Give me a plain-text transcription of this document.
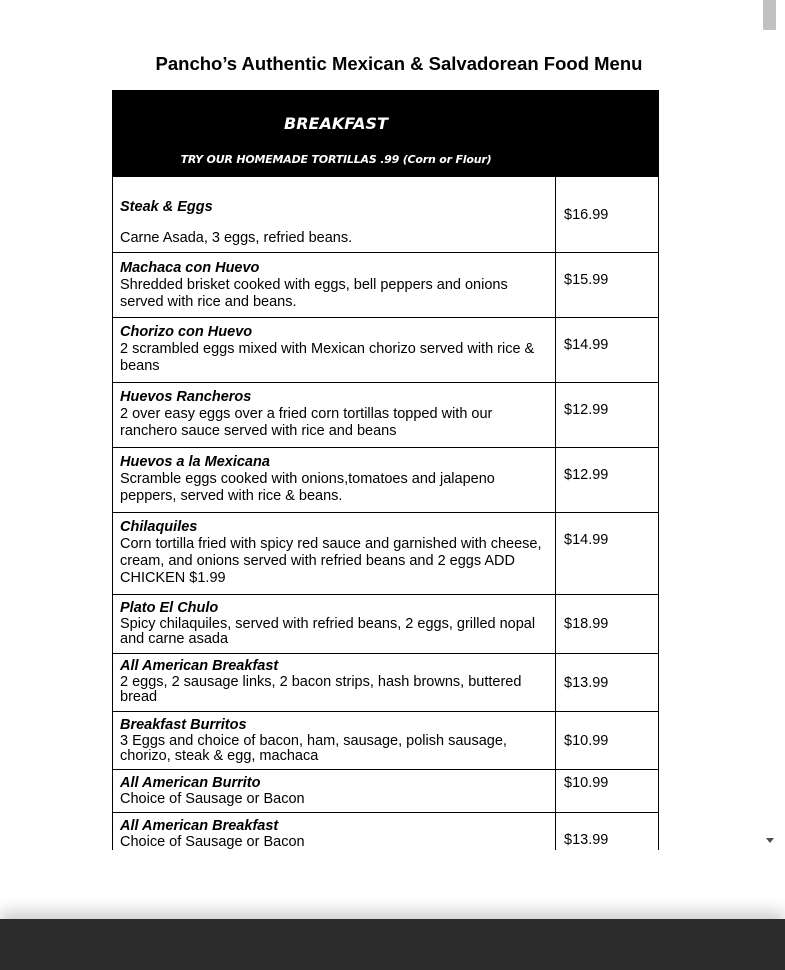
Pancho’s Authentic Mexican & Salvadorean Food Menu
BREAKFAST
TRY OUR HOMEMADE TORTILLAS .99 (Corn or Flour)	

Steak & Eggs
Carne Asada, 3 eggs, refried beans.	$16.99

Machaca con Huevo
Shredded brisket cooked with eggs, bell peppers and onions served with rice and beans.	$15.99

Chorizo con Huevo
2 scrambled eggs mixed with Mexican chorizo served with rice & beans	$14.99

Huevos Rancheros
2 over easy eggs over a fried corn tortillas topped with our ranchero sauce served with rice and beans	$12.99

Huevos a la Mexicana
Scramble eggs cooked with onions,tomatoes and jalapeno peppers, served with rice & beans.	$12.99

Chilaquiles
Corn tortilla fried with spicy red sauce and garnished with cheese, cream, and onions served with refried beans and 2 eggs ADD CHICKEN $1.99	$14.99

Plato El Chulo
Spicy chilaquiles, served with refried beans, 2 eggs, grilled nopal and carne asada	$18.99

All American Breakfast
2 eggs, 2 sausage links, 2 bacon strips, hash browns, buttered bread	$13.99

Breakfast Burritos
3 Eggs and choice of bacon, ham, sausage, polish sausage, chorizo, steak & egg, machaca	$10.99

All American Burrito
Choice of Sausage or Bacon	$10.99

All American Breakfast
Choice of Sausage or Bacon	$13.99
